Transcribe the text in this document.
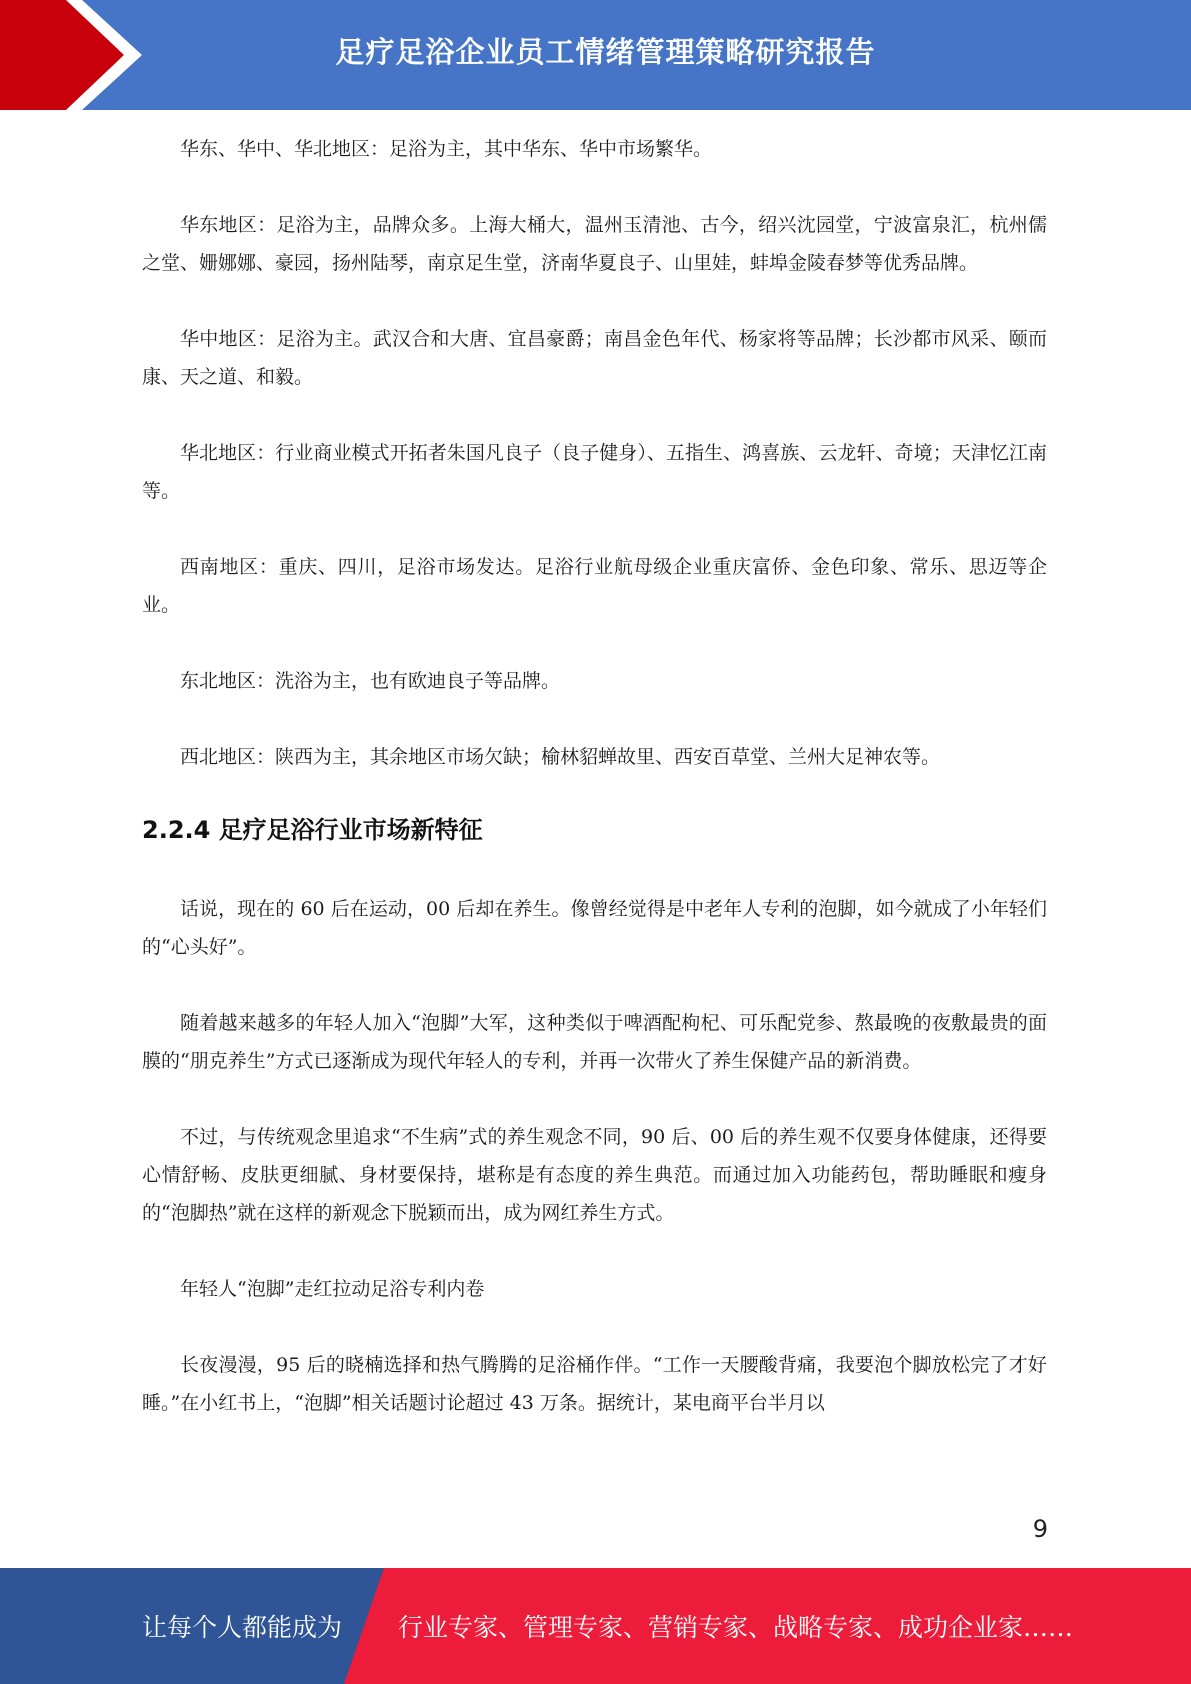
足疗足浴企业员工情绪管理策略研究报告

华东、华中、华北地区：足浴为主，其中华东、华中市场繁华。

华东地区：足浴为主，品牌众多。上海大桶大，温州玉清池、古今，绍兴沈园堂，宁波富泉汇，杭州儒之堂、姗娜娜、豪园，扬州陆琴，南京足生堂，济南华夏良子、山里娃，蚌埠金陵春梦等优秀品牌。

华中地区：足浴为主。武汉合和大唐、宜昌豪爵；南昌金色年代、杨家将等品牌；长沙都市风采、颐而康、天之道、和毅。

华北地区：行业商业模式开拓者朱国凡良子（良子健身）、五指生、鸿喜族、云龙轩、奇境；天津忆江南等。

西南地区：重庆、四川，足浴市场发达。足浴行业航母级企业重庆富侨、金色印象、常乐、思迈等企业。

东北地区：洗浴为主，也有欧迪良子等品牌。

西北地区：陕西为主，其余地区市场欠缺；榆林貂蝉故里、西安百草堂、兰州大足神农等。

2.2.4 足疗足浴行业市场新特征

话说，现在的 60 后在运动，00 后却在养生。像曾经觉得是中老年人专利的泡脚，如今就成了小年轻们的“心头好”。

随着越来越多的年轻人加入“泡脚”大军，这种类似于啤酒配枸杞、可乐配党参、熬最晚的夜敷最贵的面膜的“朋克养生”方式已逐渐成为现代年轻人的专利，并再一次带火了养生保健产品的新消费。

不过，与传统观念里追求“不生病”式的养生观念不同，90 后、00 后的养生观不仅要身体健康，还得要心情舒畅、皮肤更细腻、身材要保持，堪称是有态度的养生典范。而通过加入功能药包，帮助睡眠和瘦身的“泡脚热”就在这样的新观念下脱颖而出，成为网红养生方式。

年轻人“泡脚”走红拉动足浴专利内卷

长夜漫漫，95 后的晓楠选择和热气腾腾的足浴桶作伴。“工作一天腰酸背痛，我要泡个脚放松完了才好睡。”在小红书上，“泡脚”相关话题讨论超过 43 万条。据统计，某电商平台半月以

9
让每个人都能成为 行业专家、管理专家、营销专家、战略专家、成功企业家……
